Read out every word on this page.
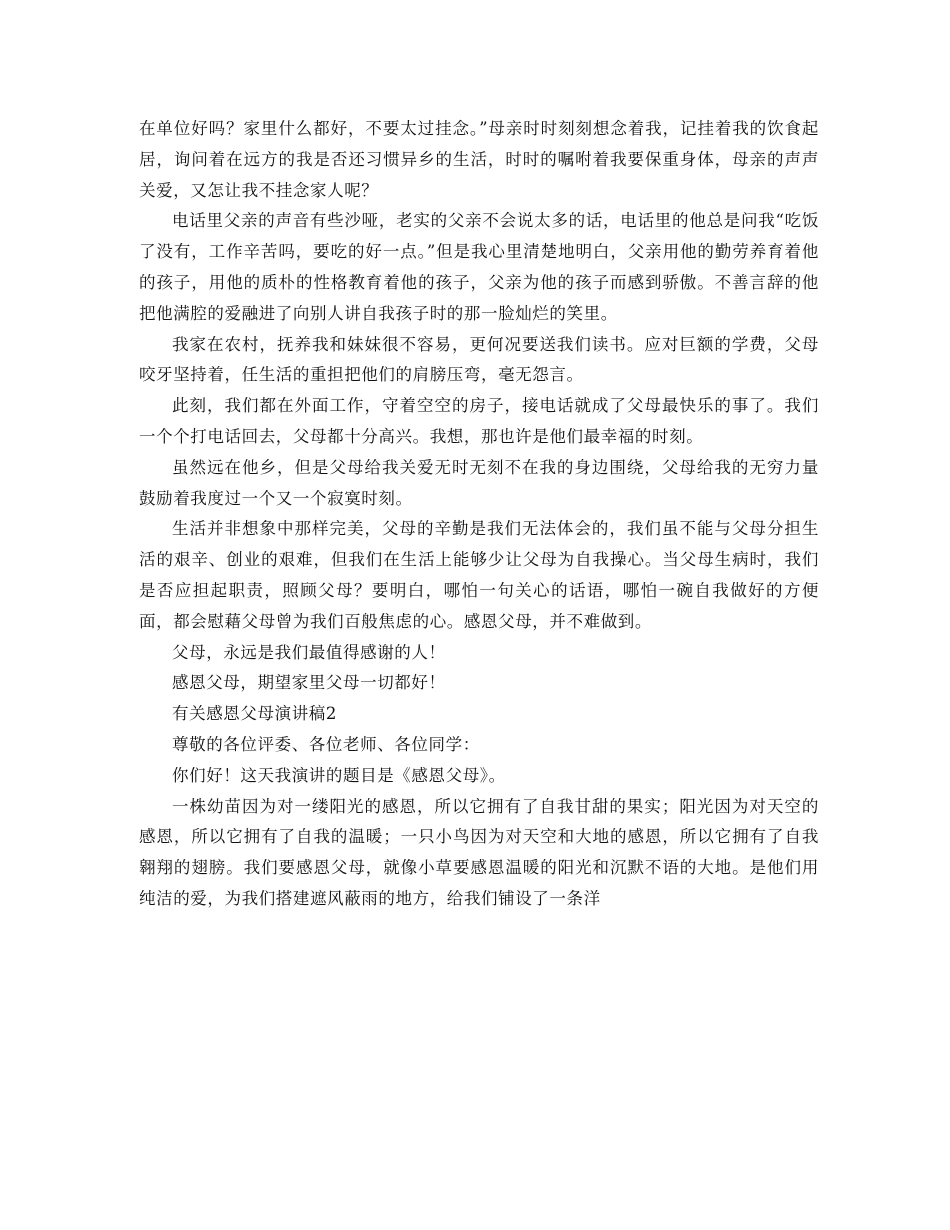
在单位好吗？家里什么都好，不要太过挂念。”母亲时时刻刻想念着我，记挂着我的饮食起居，询问着在远方的我是否还习惯异乡的生活，时时的嘱咐着我要保重身体，母亲的声声关爱，又怎让我不挂念家人呢？

电话里父亲的声音有些沙哑，老实的父亲不会说太多的话，电话里的他总是问我“吃饭了没有，工作辛苦吗，要吃的好一点。”但是我心里清楚地明白，父亲用他的勤劳养育着他的孩子，用他的质朴的性格教育着他的孩子，父亲为他的孩子而感到骄傲。不善言辞的他把他满腔的爱融进了向别人讲自我孩子时的那一脸灿烂的笑里。

我家在农村，抚养我和妹妹很不容易，更何况要送我们读书。应对巨额的学费，父母咬牙坚持着，任生活的重担把他们的肩膀压弯，毫无怨言。

此刻，我们都在外面工作，守着空空的房子，接电话就成了父母最快乐的事了。我们一个个打电话回去，父母都十分高兴。我想，那也许是他们最幸福的时刻。

虽然远在他乡，但是父母给我关爱无时无刻不在我的身边围绕，父母给我的无穷力量鼓励着我度过一个又一个寂寞时刻。

生活并非想象中那样完美，父母的辛勤是我们无法体会的，我们虽不能与父母分担生活的艰辛、创业的艰难，但我们在生活上能够少让父母为自我操心。当父母生病时，我们是否应担起职责，照顾父母？要明白，哪怕一句关心的话语，哪怕一碗自我做好的方便面，都会慰藉父母曾为我们百般焦虑的心。感恩父母，并不难做到。

父母，永远是我们最值得感谢的人！

感恩父母，期望家里父母一切都好！

有关感恩父母演讲稿2

尊敬的各位评委、各位老师、各位同学：

你们好！这天我演讲的题目是《感恩父母》。

一株幼苗因为对一缕阳光的感恩，所以它拥有了自我甘甜的果实；阳光因为对天空的感恩，所以它拥有了自我的温暖；一只小鸟因为对天空和大地的感恩，所以它拥有了自我翱翔的翅膀。我们要感恩父母，就像小草要感恩温暖的阳光和沉默不语的大地。是他们用纯洁的爱，为我们搭建遮风蔽雨的地方，给我们铺设了一条洋
